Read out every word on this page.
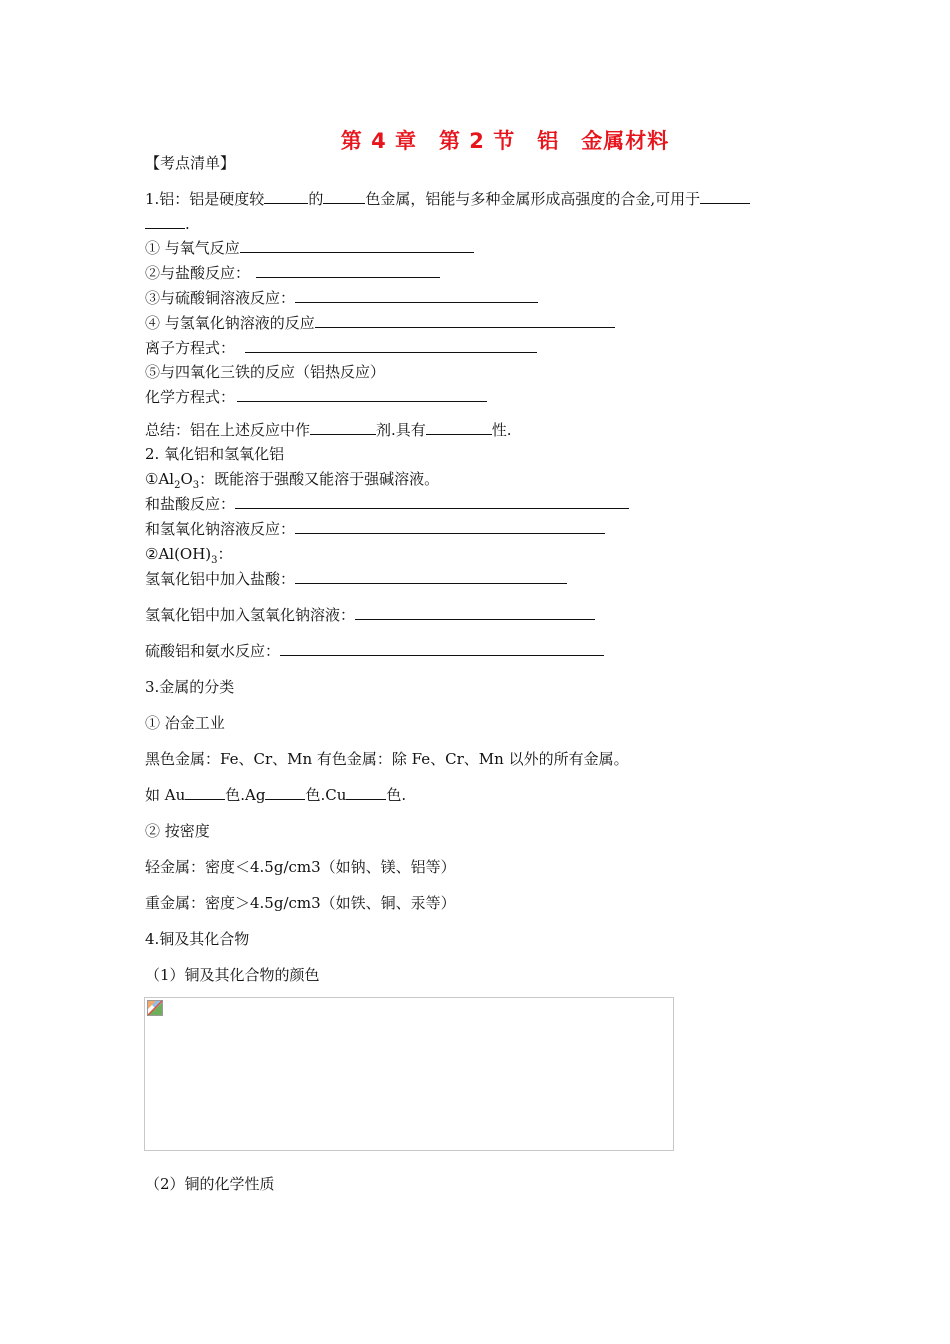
第 4 章　第 2 节　铝　金属材料

【考点清单】

1.铝：铝是硬度较	的	色金属，铝能与多种金属形成高强度的合金,可用于

.

① 与氧气反应

②与盐酸反应：

③与硫酸铜溶液反应：

④ 与氢氧化钠溶液的反应

离子方程式：

⑤与四氧化三铁的反应（铝热反应）

化学方程式：

总结：铝在上述反应中作	剂.具有	性.

2. 氧化铝和氢氧化铝

$①Al_2O_3$：既能溶于强酸又能溶于强碱溶液。

和盐酸反应：

和氢氧化钠溶液反应：

$②Al(OH)_3$：

氢氧化铝中加入盐酸：

氢氧化铝中加入氢氧化钠溶液：

硫酸铝和氨水反应：

3.金属的分类

① 冶金工业

黑色金属：Fe、Cr、Mn 有色金属：除 Fe、Cr、Mn 以外的所有金属。

如 Au	色.Ag	色.Cu	色.

② 按密度

轻金属：密度＜4.5g/cm3（如钠、镁、铝等）

重金属：密度＞4.5g/cm3（如铁、铜、汞等）

4.铜及其化合物

（1）铜及其化合物的颜色

（2）铜的化学性质
